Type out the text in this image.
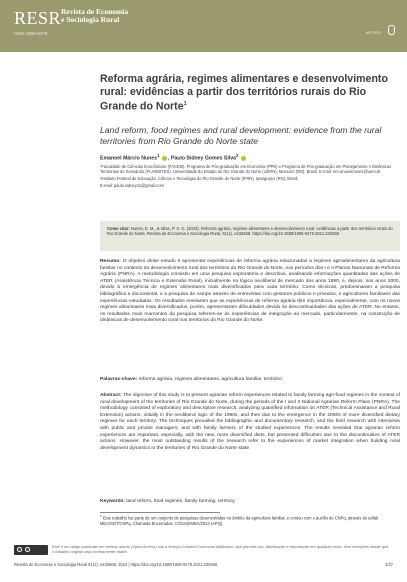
RESR Revista de Economia e Sociologia Rural
ISSN 1806-9479	ARTIGO
Reforma agrária, regimes alimentares e desenvolvimento rural: evidências a partir dos territórios rurais do Rio Grande do Norte$^1$
Land reform, food regimes and rural development: evidence from the rural territories from Rio Grande do Norte state
Emanoel Márcio Nunes$^1$ , Paulo Sidney Gomes Silva$^2$

¹Faculdade de Ciências Econômicas (FACEM), Programa de Pós-graduação em Economia (PPE) e Programa de Pós-graduação em Planejamento e Dinâmicas Territoriais do Semiárido (PLANDITES), Universidade do Estado do Rio Grande do Norte (UERN), Mossoró (RN), Brasil. E-mail: em-ananeinunes@uern.br

²Instituto Federal de Educação, Ciência e Tecnologia do Rio Grande do Norte (IFRN), Ipanguaçu (RN), Brasil.

E-mail: paulo.sidney11@gmail.com

Como citar: Nunes, E. M., & Silva, P. S. G. (2023). Reforma agrária, regimes alimentares e desenvolvimento rural: evidências a partir dos territórios rurais do Rio Grande do Norte. Revista de Economia e Sociologia Rural, 61(1), e232668. https://doi.org/10.1590/1806-9479.2021.232668
Resumo: O objetivo deste estudo é apresentar experiências de reforma agrária relacionadas a regimes agroalimentares da agricultura familiar no contexto do desenvolvimento rural dos territórios do Rio Grande do Norte, nos períodos dos I e II Planos Nacionais de Reforma Agrária (PNRA). A metodologia consistiu em uma pesquisa exploratória e descritiva, analisando informações quantitadas das ações de ATER (Assistência Técnica e Extensão Rural), inicialmente na lógica neoliberal de mercado dos anos 1990, e, depois, nos anos 2000, devido à emergência de regimes alimentares mais diversificados para cada território. Como técnicas, predominaram a pesquisa bibliográfica e documental, e a pesquisa de campo através de entrevistas com gestores públicos e privados, e agricultores familiares das experiências estudadas. Os resultados revelaram que as experiências de reforma agrária têm importância, especialmente, com os novos regimes alimentares mais diversificados, porém, apresentaram dificuldades devido às descontinuidades das ações de ATER. No entanto, os resultados mais marcantes da pesquisa referem-se às experiências de integração ao mercado, particularmente, na construção de dinâmicas de desenvolvimento rural nos territórios do Rio Grande do Norte.
Palavras-chave: reforma agrária, regimes alimentares, agricultura familiar, território.
Abstract: The objective of this study is to present agrarian reform experiences related to family farming agri-food regimes in the context of rural development of the territories of Rio Grande do Norte, during the periods of the I and II National Agrarian Reform Plans (PNRA). The methodology consisted of exploratory and descriptive research, analyzing quantified information on ATER (Technical Assistance and Rural Extension) actions, initially in the neoliberal logic of the 1990s, and then due to the emergence in the 2000s of more diversified dietary regimes for each territory. The techniques prevailed the bibliographic and documentary research, and the field research with interviews with public and private managers, and with family farmers of the studied experiences. The results revealed that agrarian reform experiences are important, especially, with the new, more diversified diets, but presented difficulties due to the discontinuities of ATER actions. However, the most outstanding results of the research refer to the experiences of market integration when building rural development dynamics in the territories of Rio Grande do Norte state.
Keywords: land reform, food regimes, family farming, territory.
$^1$ Este trabalho faz parte de um conjunto de pesquisas desenvolvidas no âmbito da agricultura familiar, e contou com o auxílio do CNPq, através do edital MDA/SDT/CNPq, Chamada Encerradas, COSAE/MDA/2013 (APQ).
Este é um artigo publicado em acesso aberto (Open Access) sob a licença Creative Commons Attribution, que permite uso, distribuição e reprodução em qualquer meio, sem restrições desde que o trabalho original seja corretamente citado.
Revista de Economia e Sociologia Rural 61(1): e232668, 2023 | https://doi.org/10.1590/1806-9479.2021.232668	1/27
